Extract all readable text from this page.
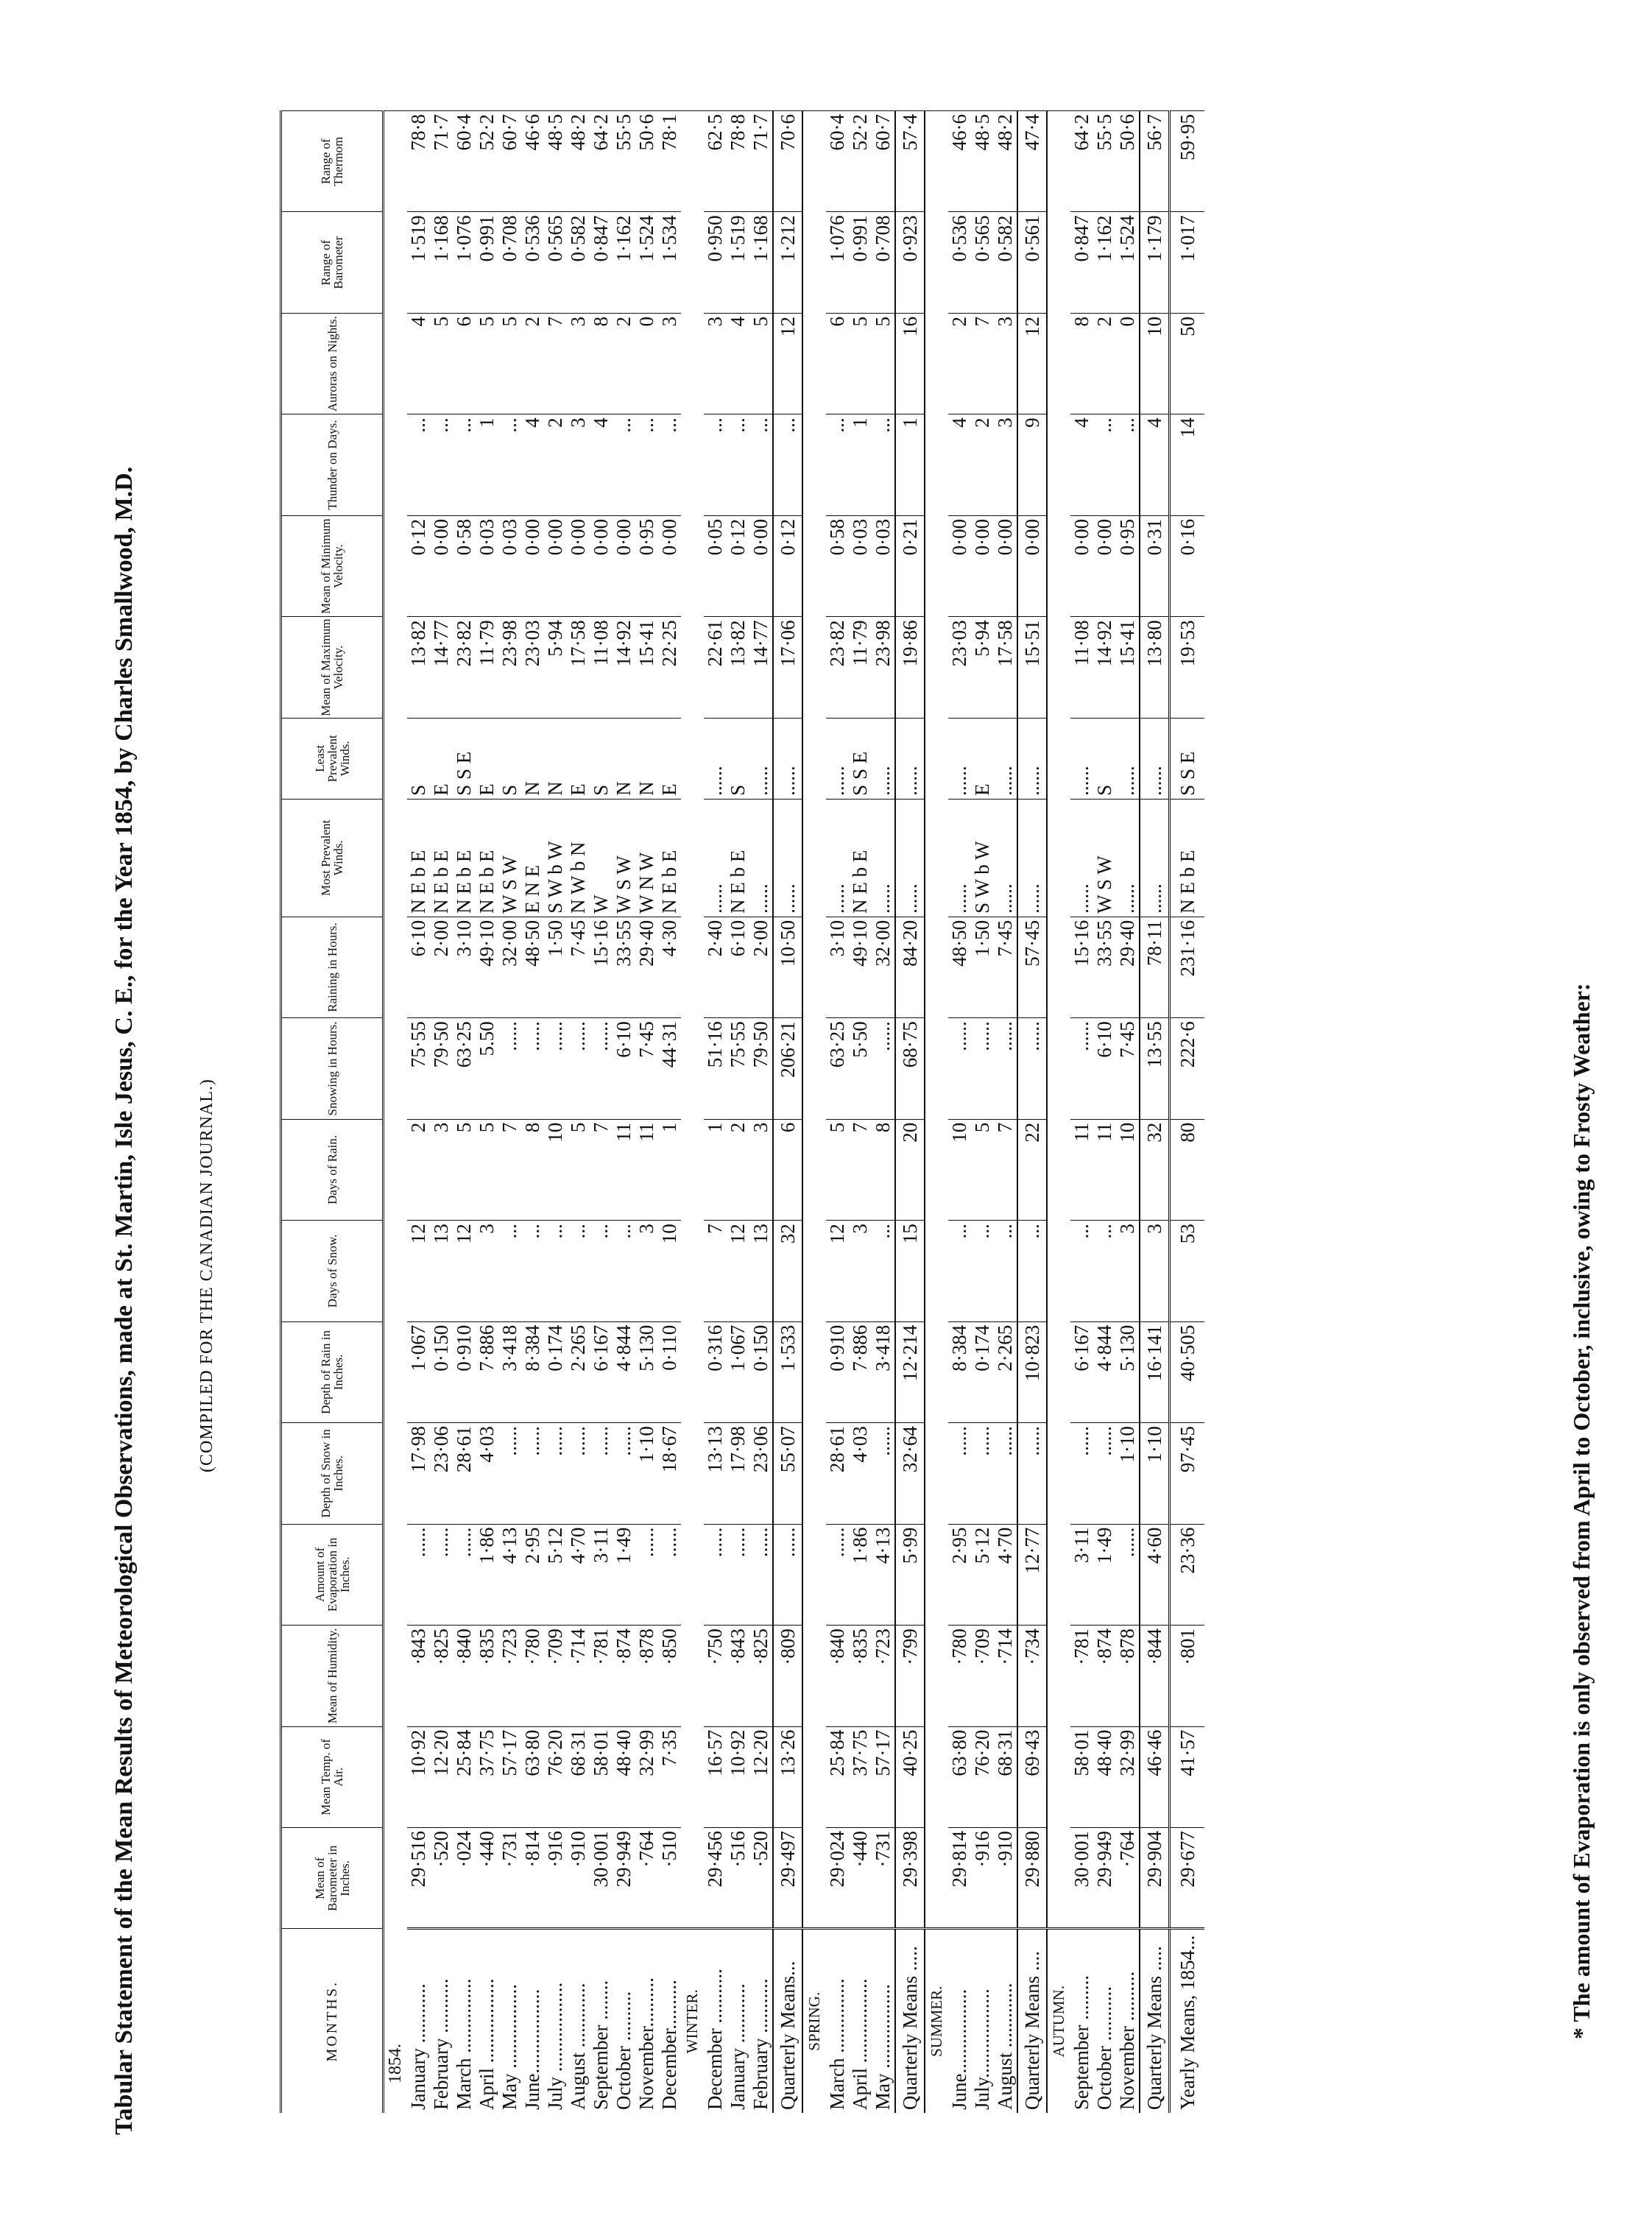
Tabular Statement of the Mean Results of Meteorological Observations, made at St. Martin, Isle Jesus, C. E., for the Year 1854, by Charles Smallwood, M.D.	(COMPILED FOR THE CANADIAN JOURNAL.)
MONTHS.	Mean of Barometer in Inches.	Mean Temp. of Air.	Mean of Humidity.	Amount of Evaporation in Inches.	Depth of Snow in Inches.	Depth of Rain in Inches.	Days of Snow.	Days of Rain.	Snowing in Hours.	Raining in Hours.	Most Prevalent Winds.	Least Prevalent Winds.	Mean of Maximum Velocity.	Mean of Minimum Velocity.	Thunder on Days.	Auroras on Nights.	Range of Barometer	Range of Thermom
1854.																		
January ............	29·516	10·92	·843	......	17·98	1·067	12	2	75·55	6·10	N E b E	S	13·82	0·12	...	4	1·519	78·8
February ...........	·520	12·20	·825	......	23·06	0·150	13	3	79·50	2·00	N E b E	E	14·77	0·00	...	5	1·168	71·7
March ...............	·024	25·84	·840	......	28·61	0·910	12	5	63·25	3·10	N E b E	S S E	23·82	0·58	...	6	1·076	60·4
April .................	·440	37·75	·835	1·86	4·03	7·886	3	5	5.50	49·10	N E b E	E	11·79	0·03	1	5	0·991	52·2
May .................	·731	57·17	·723	4·13	......	3·418	...	7	......	32·00	W S W	S	23·98	0·03	...	5	0·708	60·7
June.................	·814	63·80	·780	2·95	......	8·384	...	8	......	48·50	E N E	N	23·03	0·00	4	2	0·536	46·6
July ..................	·916	76·20	·709	5·12	......	0·174	...	10	......	1·50	S W b W	N	5·94	0·00	2	7	0·565	48·5
August .............	·910	68·31	·714	4·70	......	2·265	...	5	......	7·45	N W b N	E	17·58	0·00	3	3	0·582	48·2
September ........	30·001	58·01	·781	3·11	......	6·167	...	7	......	15·16	W	S	11·08	0·00	4	8	0·847	64·2
October ..........	29·949	48·40	·874	1·49	......	4·844	...	11	6·10	33·55	W S W	N	14·92	0·00	...	2	1·162	55·5
November..........	·764	32·99	·878	......	1·10	5·130	3	11	7·45	29·40	W N W	N	15·41	0·95	...	0	1·524	50·6
December..........	·510	7·35	·850	......	18·67	0·110	10	1	44·31	4·30	N E b E	E	22·25	0·00	...	3	1·534	78·1
WINTER.																		
December ...........	29·456	16·57	·750	......	13·13	0·316	7	1	51·16	2·40	......	......	22·61	0·05	...	3	0·950	62·5
January ............	·516	10·92	·843	......	17·98	1·067	12	2	75·55	6·10	N E b E	S	13·82	0·12	...	4	1·519	78·8
February ...........	·520	12·20	·825	......	23·06	0·150	13	3	79·50	2·00	......	......	14·77	0·00	...	5	1·168	71·7
Quarterly Means...	29·497	13·26	·809	......	55·07	1·533	32	6	206·21	10·50	......	......	17·06	0·12	...	12	1·212	70·6
SPRING.																		
March ...............	29·024	25·84	·840	......	28·61	0·910	12	5	63·25	3·10	......	......	23·82	0·58	...	6	1·076	60·4
April .................	·440	37·75	·835	1·86	4·03	7·886	3	7	5·50	49·10	N E b E	S S E	11·79	0·03	1	5	0·991	52·2
May .................	·731	57·17	·723	4·13	......	3·418	...	8	......	32·00	......	......	23·98	0·03	...	5	0·708	60·7
Quarterly Means .....	29·398	40·25	·799	5·99	32·64	12·214	15	20	68·75	84·20	......	......	19·86	0·21	1	16	0·923	57·4
SUMMER.																		
June.................	29·814	63·80	·780	2·95	......	8·384	...	10	......	48·50	......	......	23·03	0·00	4	2	0·536	46·6
July..................	·916	76·20	·709	5·12	......	0·174	...	5	......	1·50	S W b W	E	5·94	0·00	2	7	0·565	48·5
August .............	·910	68·31	·714	4·70	......	2·265	...	7	......	7·45	......	......	17·58	0·00	3	3	0·582	48·2
Quarterly Means ....	29·880	69·43	·734	12·77	......	10·823	...	22	......	57·45	......	......	15·51	0·00	9	12	0·561	47·4
AUTUMN.																		
September .........	30·001	58·01	·781	3·11	......	6·167	...	11	......	15·16	......	......	11·08	0·00	4	8	0·847	64·2
October ...........	29·949	48·40	·874	1·49	......	4·844	...	11	6·10	33·55	W S W	S	14·92	0·00	...	2	1·162	55·5
November ..........	·764	32·99	·878	......	1·10	5·130	3	10	7·45	29·40	......	......	15·41	0·95	...	0	1·524	50·6
Quarterly Means .....	29·904	46·46	·844	4·60	1·10	16·141	3	32	13·55	78·11	......	......	13·80	0·31	4	10	1·179	56·7
Yearly Means, 1854...	29·677	41·57	·801	23·36	97·45	40·505	53	80	222·6	231·16	N E b E	S S E	19·53	0·16	14	50	1·017	59·95
* The amount of Evaporation is only observed from April to October, inclusive, owing to Frosty Weather:
